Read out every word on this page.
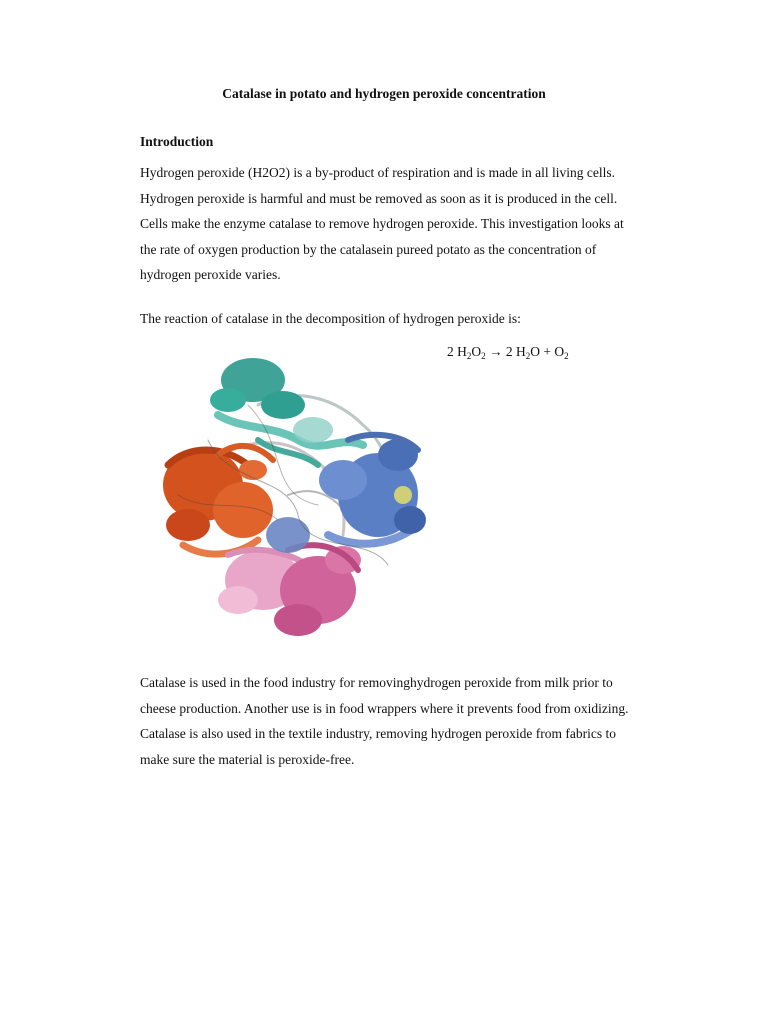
Catalase in potato and hydrogen peroxide concentration
Introduction

Hydrogen peroxide (H2O2) is a by-product of respiration and is made in all living cells. Hydrogen peroxide is harmful and must be removed as soon as it is produced in the cell. Cells make the enzyme catalase to remove hydrogen peroxide. This investigation looks at the rate of oxygen production by the catalasein pureed potato as the concentration of hydrogen peroxide varies.

The reaction of catalase in the decomposition of hydrogen peroxide is:

2 $H_2O_2 \to 2$ $H_2O + O_2$

Catalase is used in the food industry for removinghydrogen peroxide from milk prior to cheese production. Another use is in food wrappers where it prevents food from oxidizing. Catalase is also used in the textile industry, removing hydrogen peroxide from fabrics to make sure the material is peroxide-free.
